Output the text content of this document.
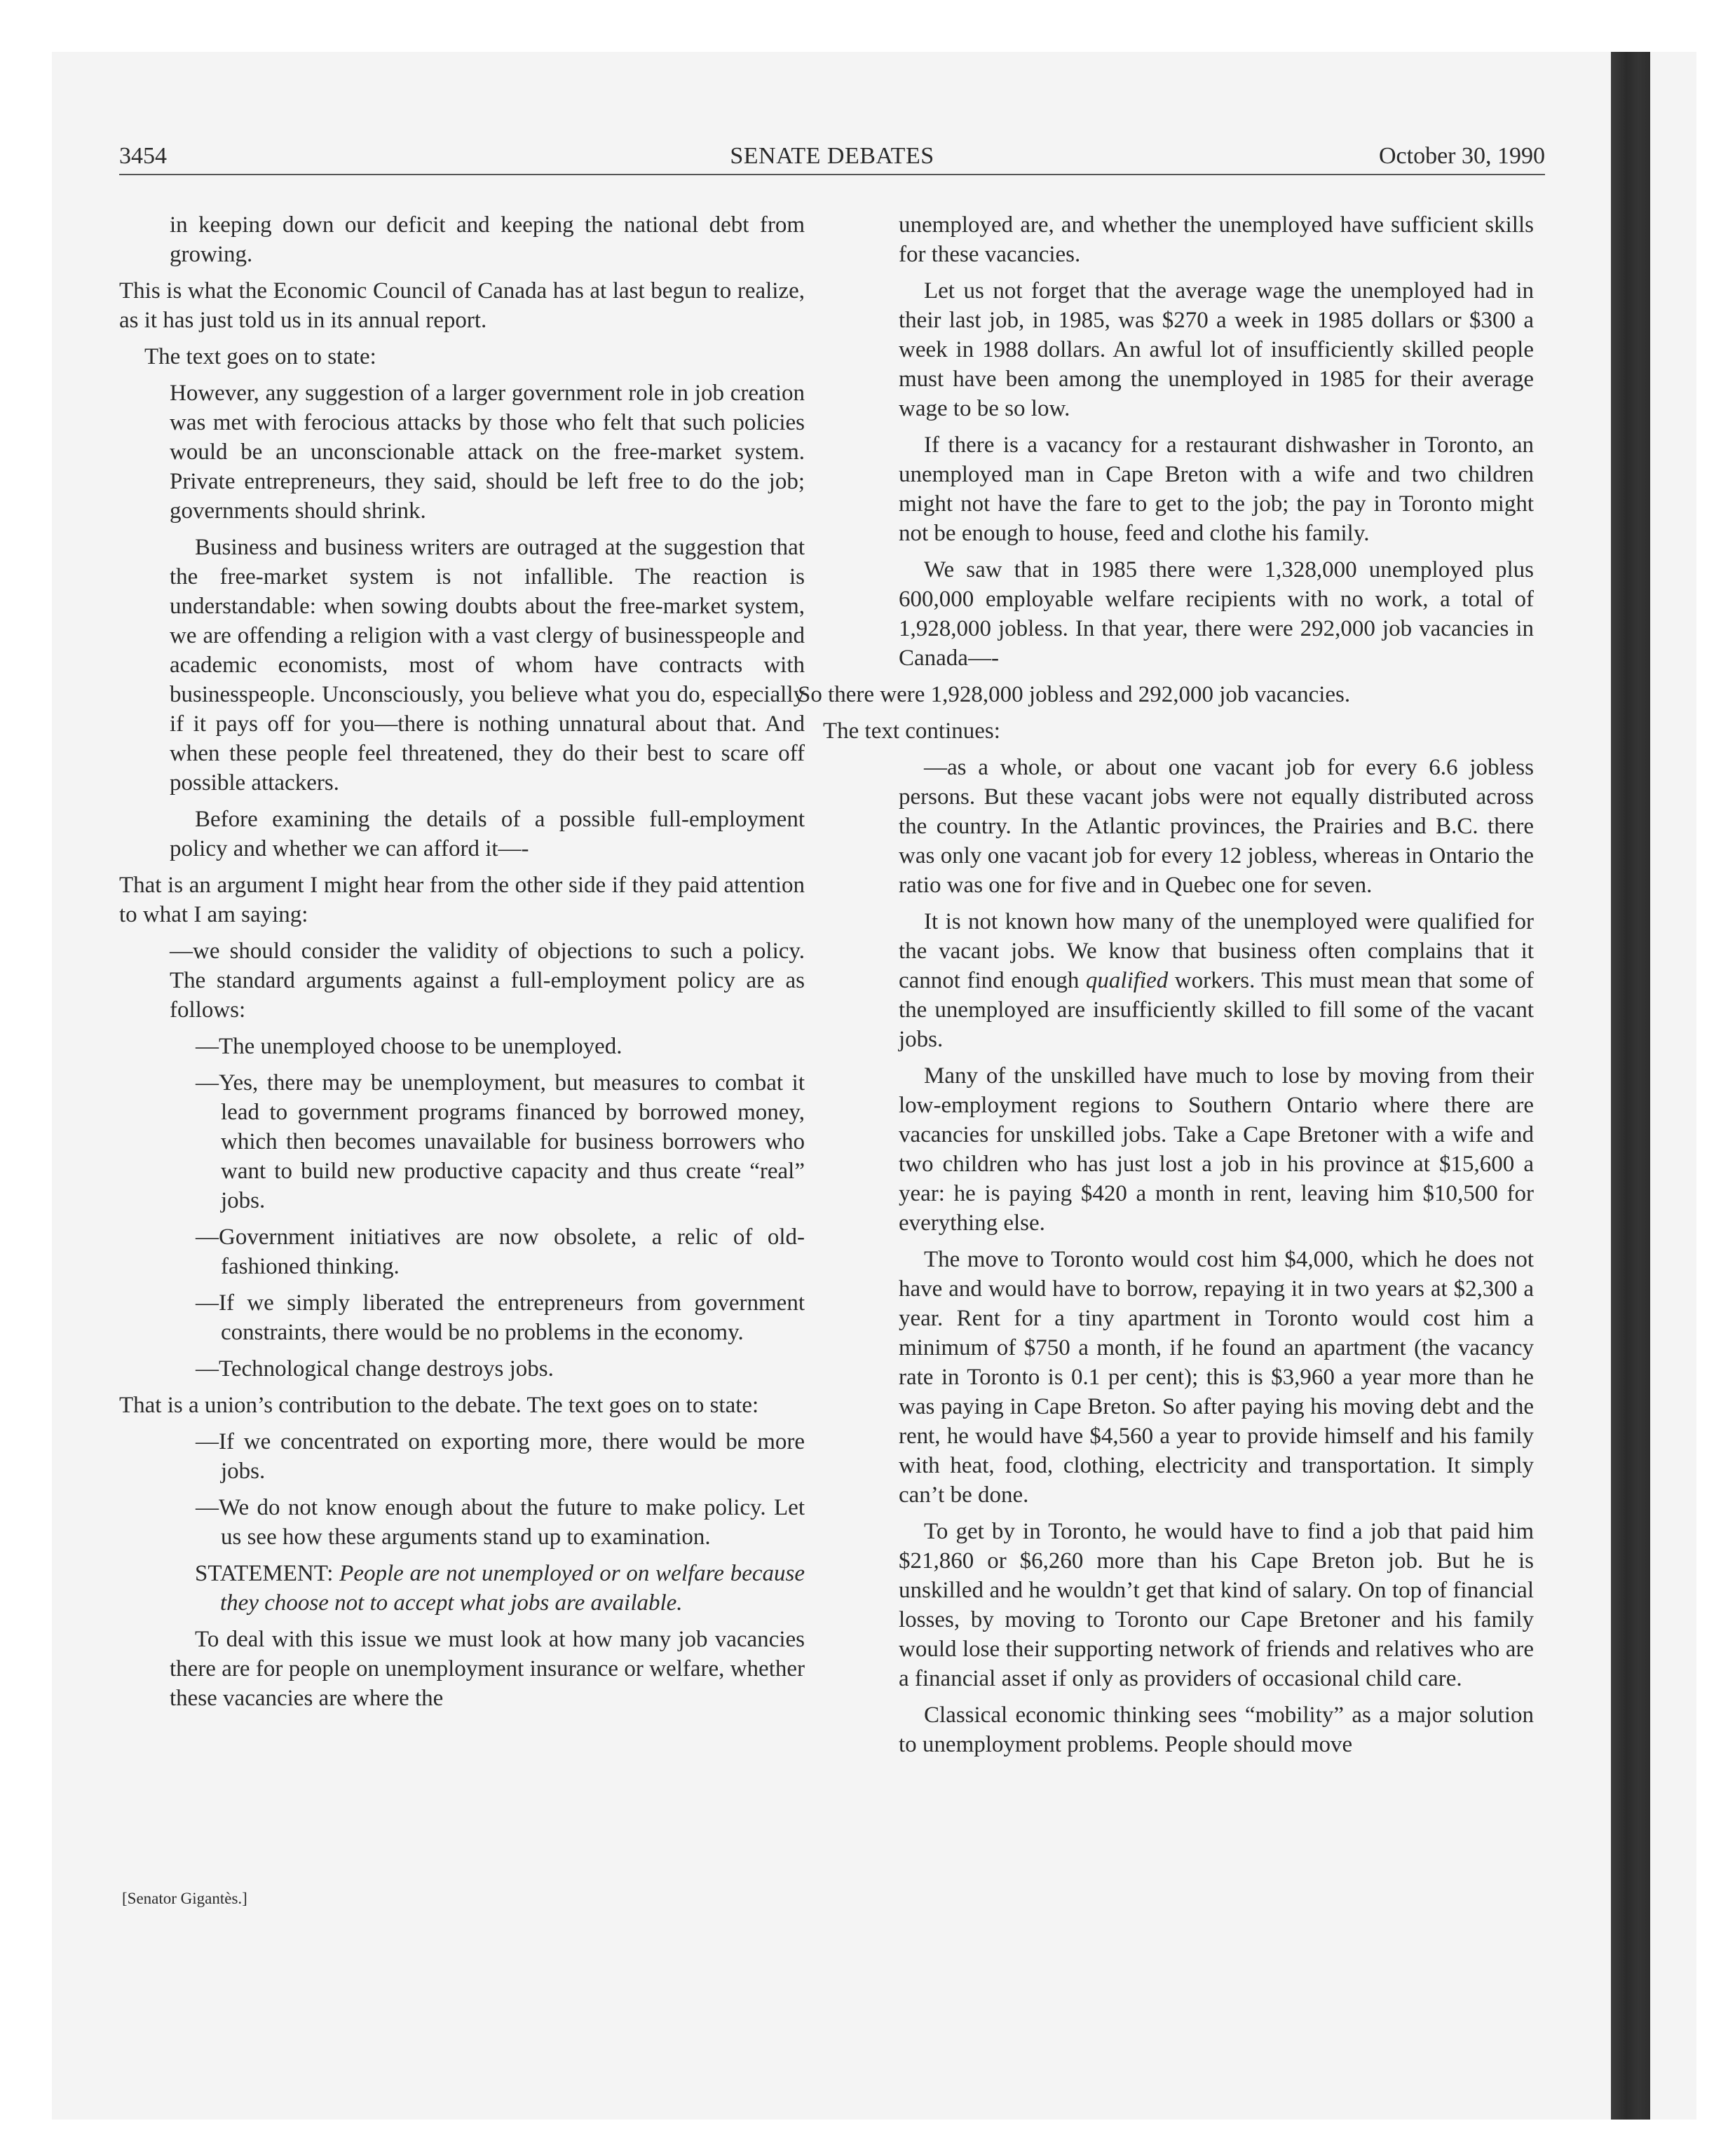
3454	SENATE DEBATES	October 30, 1990

in keeping down our deficit and keeping the national debt from growing.

This is what the Economic Council of Canada has at last begun to realize, as it has just told us in its annual report.

The text goes on to state:

However, any suggestion of a larger government role in job creation was met with ferocious attacks by those who felt that such policies would be an unconscionable attack on the free-market system. Private entrepreneurs, they said, should be left free to do the job; governments should shrink.

Business and business writers are outraged at the suggestion that the free-market system is not infallible. The reaction is understandable: when sowing doubts about the free-market system, we are offending a religion with a vast clergy of businesspeople and academic economists, most of whom have contracts with businesspeople. Unconsciously, you believe what you do, especially if it pays off for you—there is nothing unnatural about that. And when these people feel threatened, they do their best to scare off possible attackers.

Before examining the details of a possible full-employment policy and whether we can afford it—-

That is an argument I might hear from the other side if they paid attention to what I am saying:

—we should consider the validity of objections to such a policy. The standard arguments against a full-employment policy are as follows:

—The unemployed choose to be unemployed.

—Yes, there may be unemployment, but measures to combat it lead to government programs financed by borrowed money, which then becomes unavailable for business borrowers who want to build new productive capacity and thus create “real” jobs.

—Government initiatives are now obsolete, a relic of old-fashioned thinking.

—If we simply liberated the entrepreneurs from government constraints, there would be no problems in the economy.

—Technological change destroys jobs.

That is a union’s contribution to the debate. The text goes on to state:

—If we concentrated on exporting more, there would be more jobs.

—We do not know enough about the future to make policy. Let us see how these arguments stand up to examination.

STATEMENT: People are not unemployed or on welfare because they choose not to accept what jobs are available.

To deal with this issue we must look at how many job vacancies there are for people on unemployment insurance or welfare, whether these vacancies are where the

unemployed are, and whether the unemployed have sufficient skills for these vacancies.

Let us not forget that the average wage the unemployed had in their last job, in 1985, was $270 a week in 1985 dollars or $300 a week in 1988 dollars. An awful lot of insufficiently skilled people must have been among the unemployed in 1985 for their average wage to be so low.

If there is a vacancy for a restaurant dishwasher in Toronto, an unemployed man in Cape Breton with a wife and two children might not have the fare to get to the job; the pay in Toronto might not be enough to house, feed and clothe his family.

We saw that in 1985 there were 1,328,000 unemployed plus 600,000 employable welfare recipients with no work, a total of 1,928,000 jobless. In that year, there were 292,000 job vacancies in Canada—-

So there were 1,928,000 jobless and 292,000 job vacancies.

The text continues:

—as a whole, or about one vacant job for every 6.6 jobless persons. But these vacant jobs were not equally distributed across the country. In the Atlantic provinces, the Prairies and B.C. there was only one vacant job for every 12 jobless, whereas in Ontario the ratio was one for five and in Quebec one for seven.

It is not known how many of the unemployed were qualified for the vacant jobs. We know that business often complains that it cannot find enough qualified workers. This must mean that some of the unemployed are insufficiently skilled to fill some of the vacant jobs.

Many of the unskilled have much to lose by moving from their low-employment regions to Southern Ontario where there are vacancies for unskilled jobs. Take a Cape Bretoner with a wife and two children who has just lost a job in his province at $15,600 a year: he is paying $420 a month in rent, leaving him $10,500 for everything else.

The move to Toronto would cost him $4,000, which he does not have and would have to borrow, repaying it in two years at $2,300 a year. Rent for a tiny apartment in Toronto would cost him a minimum of $750 a month, if he found an apartment (the vacancy rate in Toronto is 0.1 per cent); this is $3,960 a year more than he was paying in Cape Breton. So after paying his moving debt and the rent, he would have $4,560 a year to provide himself and his family with heat, food, clothing, electricity and transportation. It simply can’t be done.

To get by in Toronto, he would have to find a job that paid him $21,860 or $6,260 more than his Cape Breton job. But he is unskilled and he wouldn’t get that kind of salary. On top of financial losses, by moving to Toronto our Cape Bretoner and his family would lose their supporting network of friends and relatives who are a financial asset if only as providers of occasional child care.

Classical economic thinking sees “mobility” as a major solution to unemployment problems. People should move

[Senator Gigantès.]
